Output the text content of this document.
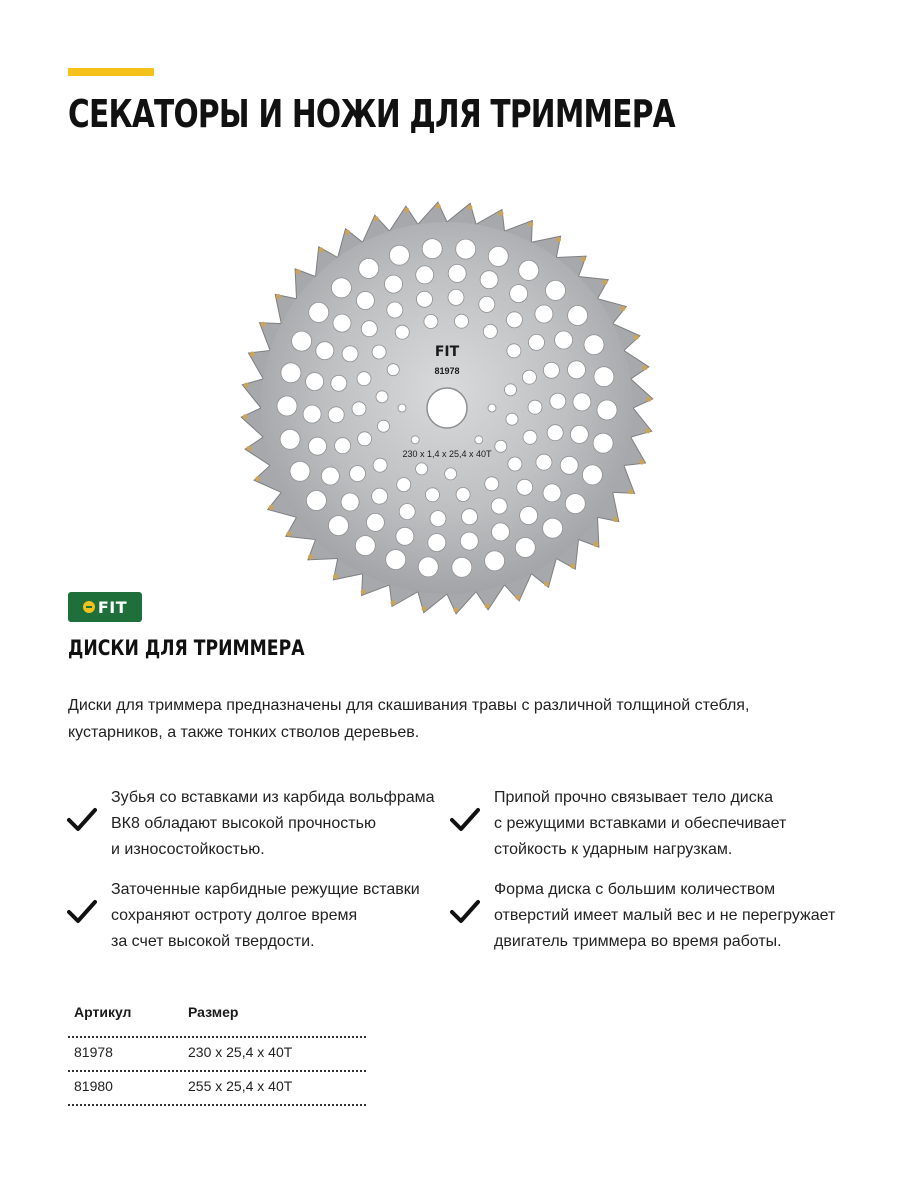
СЕКАТОРЫ И НОЖИ ДЛЯ ТРИММЕРА
FIT
81978
230 x 1,4 x 25,4 x 40T
FIT
ДИСКИ ДЛЯ ТРИММЕРА
Диски для триммера предназначены для скашивания травы с различной толщиной стебля, кустарников, а также тонких стволов деревьев.
Зубья со вставками из карбида вольфрама
ВК8 обладают высокой прочностью
и износостойкостью.
Припой прочно связывает тело диска
с режущими вставками и обеспечивает
стойкость к ударным нагрузкам.
Заточенные карбидные режущие вставки
сохраняют остроту долгое время
за счет высокой твердости.
Форма диска с большим количеством
отверстий имеет малый вес и не перегружает
двигатель триммера во время работы.
Артикул	Размер
81978	230 x 25,4 x 40T
81980	255 x 25,4 x 40T
